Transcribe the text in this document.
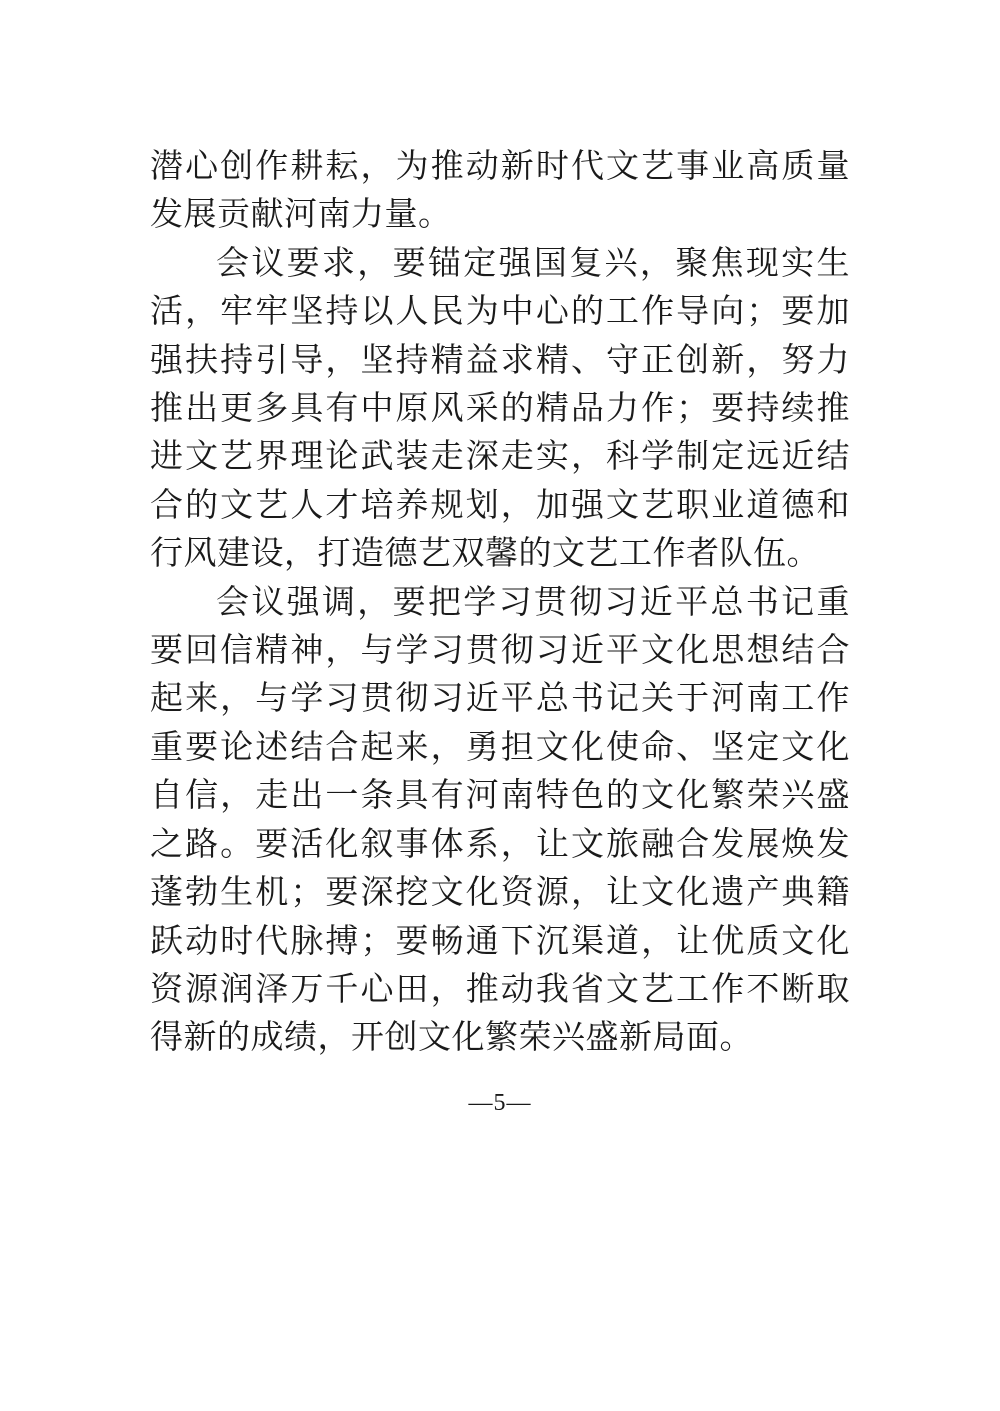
潜心创作耕耘，为推动新时代文艺事业高质量发展贡献河南力量。

会议要求，要锚定强国复兴，聚焦现实生活，牢牢坚持以人民为中心的工作导向；要加强扶持引导，坚持精益求精、守正创新，努力推出更多具有中原风采的精品力作；要持续推进文艺界理论武装走深走实，科学制定远近结合的文艺人才培养规划，加强文艺职业道德和行风建设，打造德艺双馨的文艺工作者队伍。

会议强调，要把学习贯彻习近平总书记重要回信精神，与学习贯彻习近平文化思想结合起来，与学习贯彻习近平总书记关于河南工作重要论述结合起来，勇担文化使命、坚定文化自信，走出一条具有河南特色的文化繁荣兴盛之路。要活化叙事体系，让文旅融合发展焕发蓬勃生机；要深挖文化资源，让文化遗产典籍跃动时代脉搏；要畅通下沉渠道，让优质文化资源润泽万千心田，推动我省文艺工作不断取得新的成绩，开创文化繁荣兴盛新局面。

—5—
